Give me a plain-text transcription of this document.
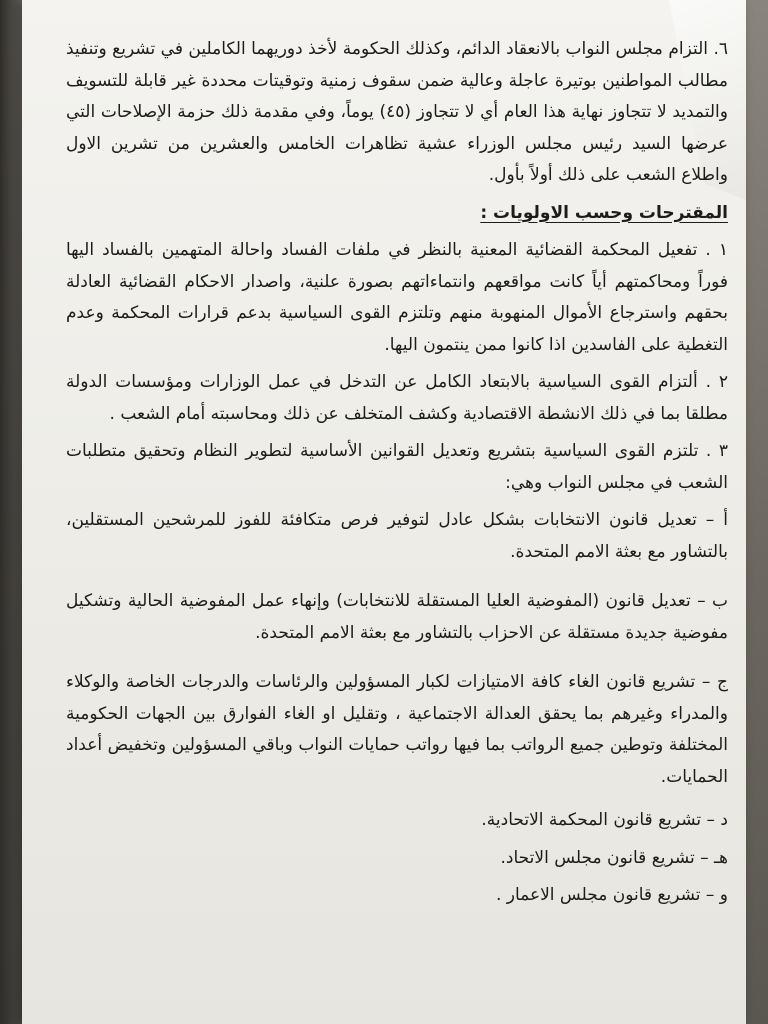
٦. التزام مجلس النواب بالانعقاد الدائم، وكذلك الحكومة لأخذ دوريهما الكاملين في تشريع وتنفيذ مطالب المواطنين بوتيرة عاجلة وعالية ضمن سقوف زمنية وتوقيتات محددة غير قابلة للتسويف والتمديد لا تتجاوز نهاية هذا العام أي لا تتجاوز (٤٥) يوماً، وفي مقدمة ذلك حزمة الإصلاحات التي عرضها السيد رئيس مجلس الوزراء عشية تظاهرات الخامس والعشرين من تشرين الاول واطلاع الشعب على ذلك أولاً بأول.

المقترحات وحسب الاولويات :

١ . تفعيل المحكمة القضائية المعنية بالنظر في ملفات الفساد واحالة المتهمين بالفساد اليها فوراً ومحاكمتهم أياً كانت مواقعهم وانتماءاتهم بصورة علنية، واصدار الاحكام القضائية العادلة بحقهم واسترجاع الأموال المنهوبة منهم وتلتزم القوى السياسية بدعم قرارات المحكمة وعدم التغطية على الفاسدين اذا كانوا ممن ينتمون اليها.

٢ . ألتزام القوى السياسية بالابتعاد الكامل عن التدخل في عمل الوزارات ومؤسسات الدولة مطلقا بما في ذلك الانشطة الاقتصادية وكشف المتخلف عن ذلك ومحاسبته أمام الشعب .

٣ . تلتزم القوى السياسية بتشريع وتعديل القوانين الأساسية لتطوير النظام وتحقيق متطلبات الشعب في مجلس النواب وهي:

أ – تعديل قانون الانتخابات بشكل عادل لتوفير فرص متكافئة للفوز للمرشحين المستقلين، بالتشاور مع بعثة الامم المتحدة.

ب – تعديل قانون (المفوضية العليا المستقلة للانتخابات) وإنهاء عمل المفوضية الحالية وتشكيل مفوضية جديدة مستقلة عن الاحزاب بالتشاور مع بعثة الامم المتحدة.

ج – تشريع قانون الغاء كافة الامتيازات لكبار المسؤولين والرئاسات والدرجات الخاصة والوكلاء والمدراء وغيرهم بما يحقق العدالة الاجتماعية ، وتقليل او الغاء الفوارق بين الجهات الحكومية المختلفة وتوطين جميع الرواتب بما فيها رواتب حمايات النواب وباقي المسؤولين وتخفيض أعداد الحمايات.

د – تشريع قانون المحكمة الاتحادية.

هـ – تشريع قانون مجلس الاتحاد.

و – تشريع قانون مجلس الاعمار .
